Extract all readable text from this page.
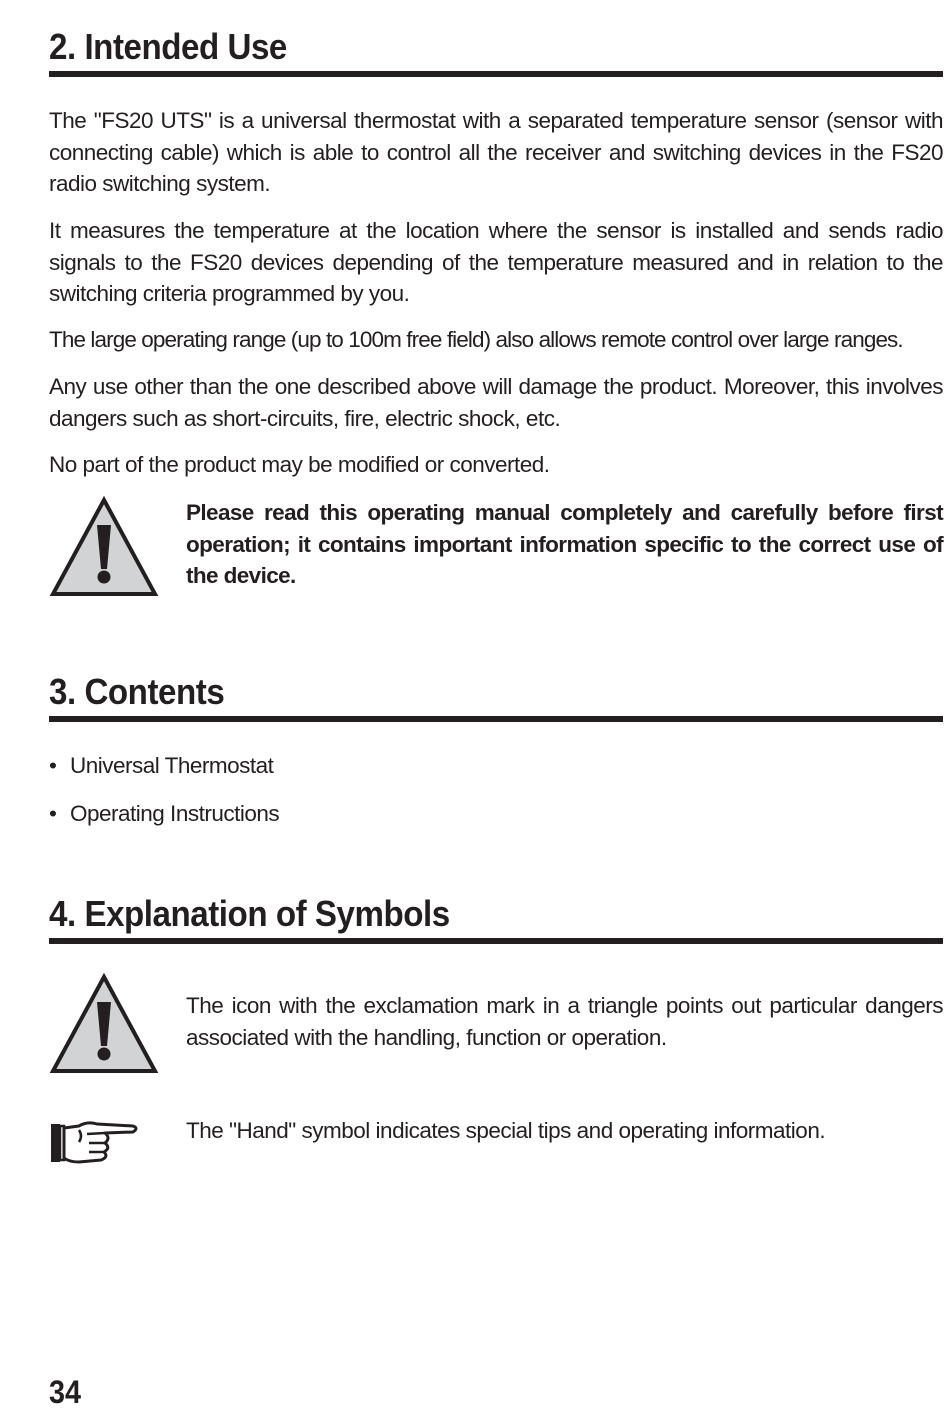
2. Intended Use

The "FS20 UTS" is a universal thermostat with a separated temperature sensor (sensor with connecting cable) which is able to control all the receiver and switching devices in the FS20 radio switching system.

It measures the temperature at the location where the sensor is installed and sends radio signals to the FS20 devices depending of the temperature measured and in relation to the switching criteria programmed by you.

The large operating range (up to 100m free field) also allows remote control over large ranges.

Any use other than the one described above will damage the product. Moreover, this involves dangers such as short-circuits, fire, electric shock, etc.

No part of the product may be modified or converted.

Please read this operating manual completely and carefully before first operation; it contains important information specific to the correct use of the device.

3. Contents
• Universal Thermostat
• Operating Instructions
4. Explanation of Symbols

The icon with the exclamation mark in a triangle points out particular dangers associated with the handling, function or operation.

The "Hand" symbol indicates special tips and operating information.

34
